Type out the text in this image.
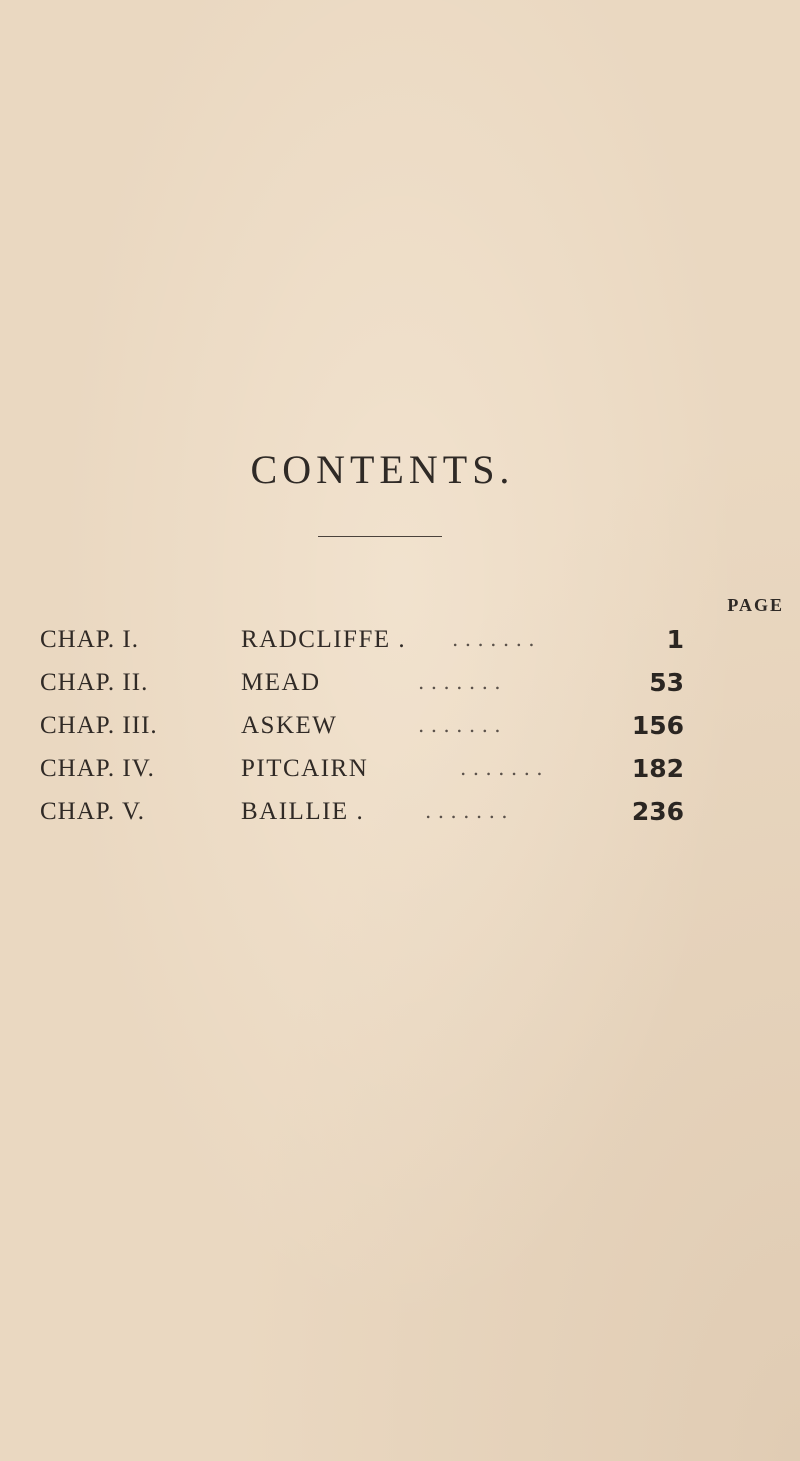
CONTENTS.
PAGE
CHAP. I.	RADCLIFFE . . . . . . . .	1
CHAP. II.	MEAD	. . . . . . .	53
CHAP. III.	ASKEW	. . . . . . .	156
CHAP. IV.	PITCAIRN	. . . . . . .	182
CHAP. V.	BAILLIE .	. . . . . . .	236
